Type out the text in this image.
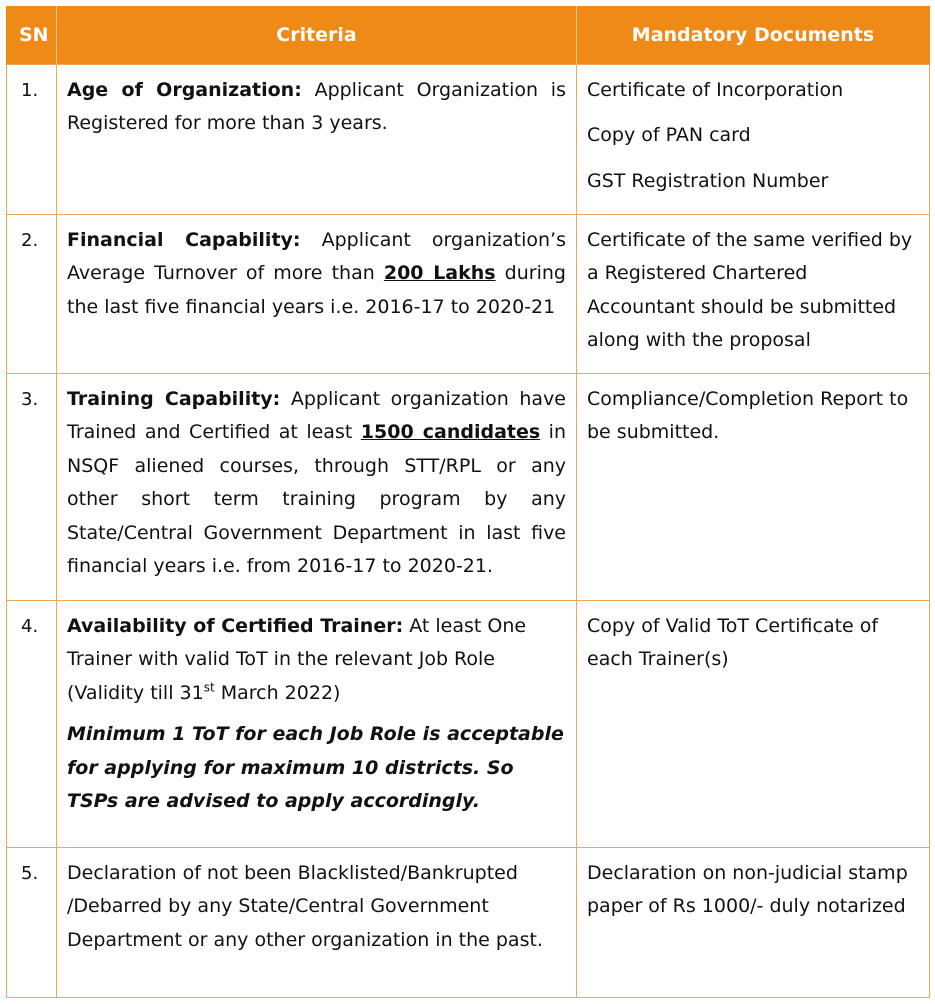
SN	Criteria	Mandatory Documents
1.	Age of Organization: Applicant Organization is Registered for more than 3 years.	Certificate of Incorporation
Copy of PAN card
GST Registration Number

2.	Financial Capability: Applicant organization’s Average Turnover of more than 200 Lakhs during the last five financial years i.e. 2016-17 to 2020-21	Certificate of the same verified by a Registered Chartered Accountant should be submitted along with the proposal
3.	Training Capability: Applicant organization have Trained and Certified at least 1500 candidates in NSQF aliened courses, through STT/RPL or any other short term training program by any State/Central Government Department in last five financial years i.e. from 2016-17 to 2020-21.	Compliance/Completion Report to be submitted.
4.	Availability of Certified Trainer: At least One Trainer with valid ToT in the relevant Job Role (Validity till 31st March 2022)
Minimum 1 ToT for each Job Role is acceptable for applying for maximum 10 districts. So TSPs are advised to apply accordingly.	Copy of Valid ToT Certificate of each Trainer(s)
5.	Declaration of not been Blacklisted/Bankrupted /Debarred by any State/Central Government Department or any other organization in the past.	Declaration on non-judicial stamp paper of Rs 1000/- duly notarized
